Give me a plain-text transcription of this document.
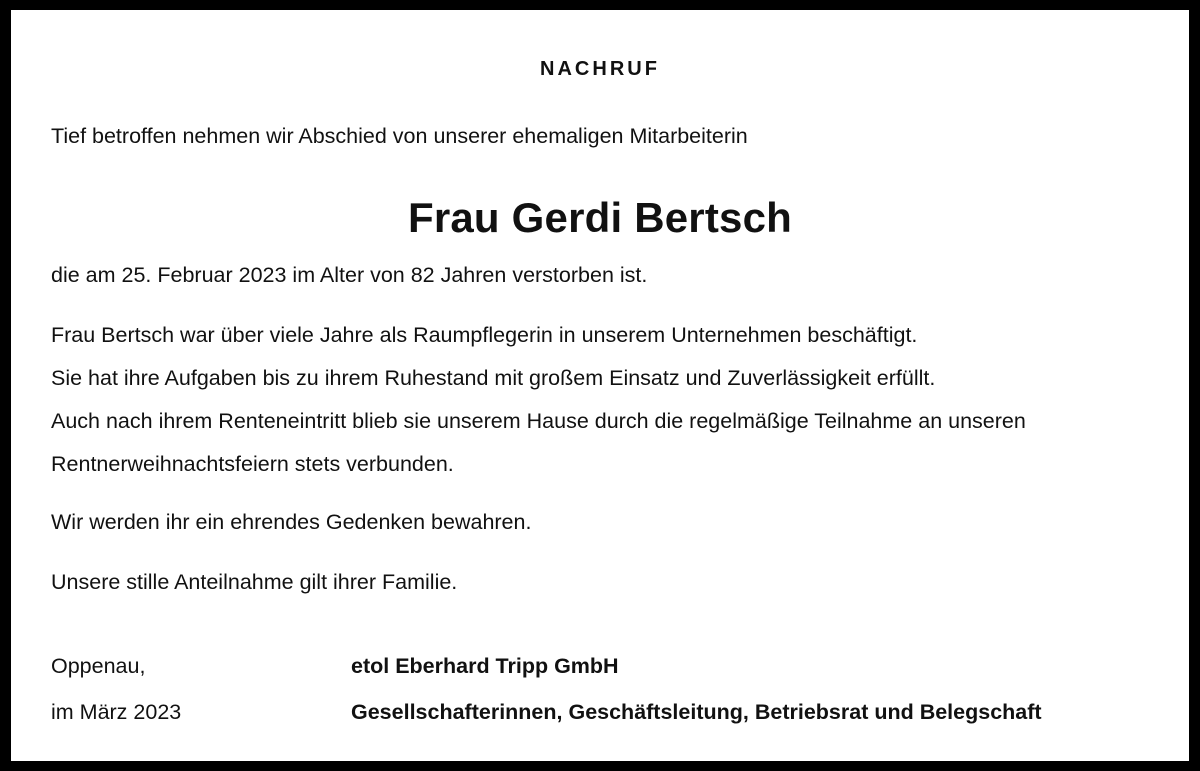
NACHRUF
Tief betroffen nehmen wir Abschied von unserer ehemaligen Mitarbeiterin
Frau Gerdi Bertsch
die am 25. Februar 2023 im Alter von 82 Jahren verstorben ist.
Frau Bertsch war über viele Jahre als Raumpflegerin in unserem Unternehmen beschäftigt.
Sie hat ihre Aufgaben bis zu ihrem Ruhestand mit großem Einsatz und Zuverlässigkeit erfüllt.
Auch nach ihrem Renteneintritt blieb sie unserem Hause durch die regelmäßige Teilnahme an unseren
Rentnerweihnachtsfeiern stets verbunden.
Wir werden ihr ein ehrendes Gedenken bewahren.
Unsere stille Anteilnahme gilt ihrer Familie.
Oppenau,
im März 2023
etol Eberhard Tripp GmbH
Gesellschafterinnen, Geschäftsleitung, Betriebsrat und Belegschaft
